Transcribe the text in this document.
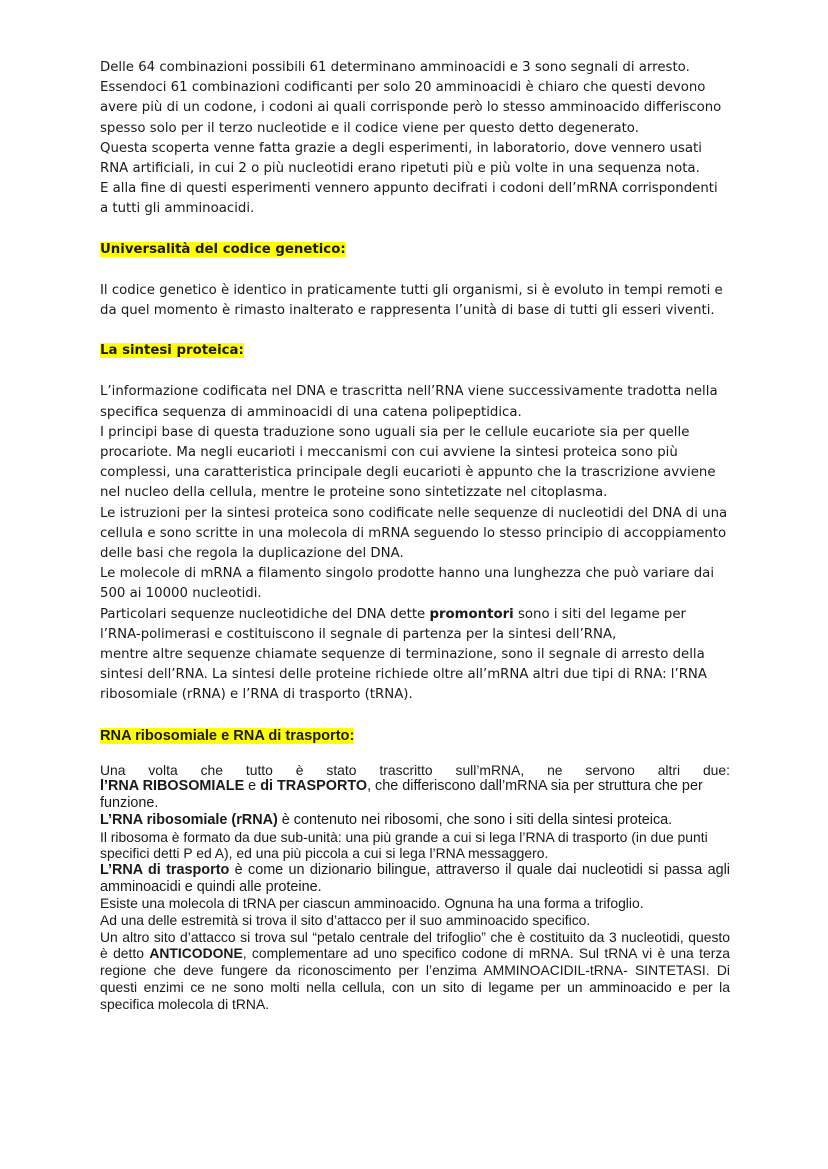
Delle 64 combinazioni possibili 61 determinano amminoacidi e 3 sono segnali di arresto. Essendoci 61 combinazioni codificanti per solo 20 amminoacidi è chiaro che questi devono avere più di un codone, i codoni ai quali corrisponde però lo stesso amminoacido differiscono spesso solo per il terzo nucleotide e il codice viene per questo detto degenerato.

Questa scoperta venne fatta grazie a degli esperimenti, in laboratorio, dove vennero usati RNA artificiali, in cui 2 o più nucleotidi erano ripetuti più e più volte in una sequenza nota.

E alla fine di questi esperimenti vennero appunto decifrati i codoni dell’mRNA corrispondenti a tutti gli amminoacidi.

Universalità del codice genetico:

Il codice genetico è identico in praticamente tutti gli organismi, si è evoluto in tempi remoti e da quel momento è rimasto inalterato e rappresenta l’unità di base di tutti gli esseri viventi.

La sintesi proteica:

L’informazione codificata nel DNA e trascritta nell’RNA viene successivamente tradotta nella specifica sequenza di amminoacidi di una catena polipeptidica.

I principi base di questa traduzione sono uguali sia per le cellule eucariote sia per quelle procariote. Ma negli eucarioti i meccanismi con cui avviene la sintesi proteica sono più complessi, una caratteristica principale degli eucarioti è appunto che la trascrizione avviene nel nucleo della cellula, mentre le proteine sono sintetizzate nel citoplasma.

Le istruzioni per la sintesi proteica sono codificate nelle sequenze di nucleotidi del DNA di una cellula e sono scritte in una molecola di mRNA seguendo lo stesso principio di accoppiamento delle basi che regola la duplicazione del DNA.

Le molecole di mRNA a filamento singolo prodotte hanno una lunghezza che può variare dai 500 ai 10000 nucleotidi.

Particolari sequenze nucleotidiche del DNA dette promontori sono i siti del legame per l’RNA-polimerasi e costituiscono il segnale di partenza per la sintesi dell’RNA,

mentre altre sequenze chiamate sequenze di terminazione, sono il segnale di arresto della sintesi dell’RNA. La sintesi delle proteine richiede oltre all’mRNA altri due tipi di RNA: l’RNA ribosomiale (rRNA) e l’RNA di trasporto (tRNA).

RNA ribosomiale e RNA di trasporto:

Una volta che tutto è stato trascritto sull’mRNA, ne servono altri due:

l’RNA RIBOSOMIALE e di TRASPORTO, che differiscono dall’mRNA sia per struttura che per funzione.

L’RNA ribosomiale (rRNA) è contenuto nei ribosomi, che sono i siti della sintesi proteica.

Il ribosoma è formato da due sub-unità: una più grande a cui si lega l’RNA di trasporto (in due punti specifici detti P ed A), ed una più piccola a cui si lega l’RNA messaggero.

L’RNA di trasporto è come un dizionario bilingue, attraverso il quale dai nucleotidi si passa agli amminoacidi e quindi alle proteine.

Esiste una molecola di tRNA per ciascun amminoacido. Ognuna ha una forma a trifoglio.

Ad una delle estremità si trova il sito d’attacco per il suo amminoacido specifico.

Un altro sito d’attacco si trova sul “petalo centrale del trifoglio” che è costituito da 3 nucleotidi, questo è detto ANTICODONE, complementare ad uno specifico codone di mRNA. Sul tRNA vi è una terza regione che deve fungere da riconoscimento per l’enzima AMMINOACIDIL-tRNA- SINTETASI. Di questi enzimi ce ne sono molti nella cellula, con un sito di legame per un amminoacido e per la specifica molecola di tRNA.
